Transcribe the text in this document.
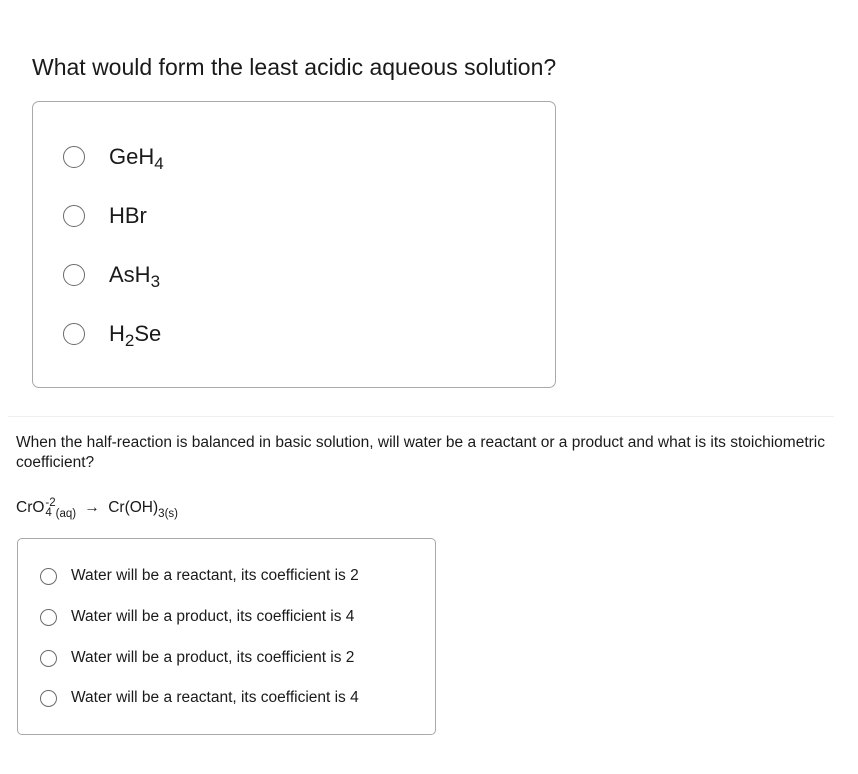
What would form the least acidic aqueous solution?
GeH$_4$
HBr
AsH$_3$
$H_2Se$

When the half-reaction is balanced in basic solution, will water be a reactant or a product and what is its stoichiometric coefficient?

CrO -2
4 $_{(aq)} \to Cr(OH)_{3(s)}$
Water will be a reactant, its coefficient is 2
Water will be a product, its coefficient is 4
Water will be a product, its coefficient is 2
Water will be a reactant, its coefficient is 4
